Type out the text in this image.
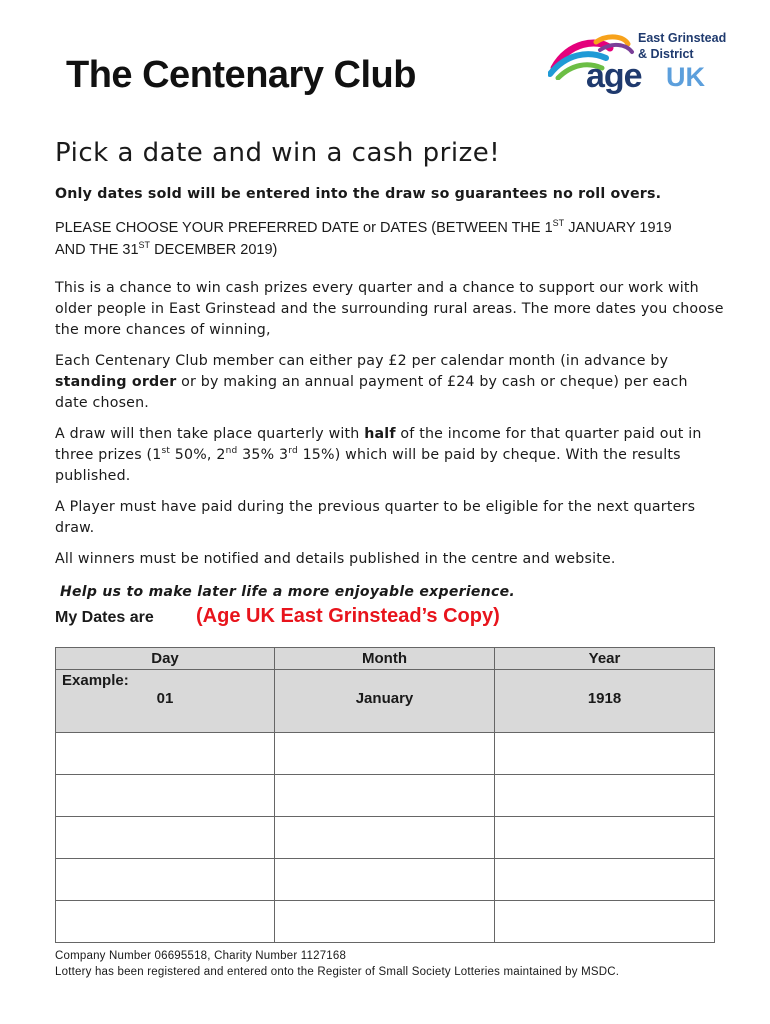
The Centenary Club
East Grinstead
& District
age UK
Pick a date and win a cash prize!

Only dates sold will be entered into the draw so guarantees no roll overs.

PLEASE CHOOSE YOUR PREFERRED DATE or DATES (BETWEEN THE 1ST JANUARY 1919
AND THE 31ST DECEMBER 2019)

This is a chance to win cash prizes every quarter and a chance to support our work with older people in East Grinstead and the surrounding rural areas. The more dates you choose the more chances of winning,

Each Centenary Club member can either pay £2 per calendar month (in advance by standing order or by making an annual payment of £24 by cash or cheque) per each date chosen.

A draw will then take place quarterly with half of the income for that quarter paid out in three prizes (1st 50%, 2nd 35% 3rd 15%) which will be paid by cheque. With the results published.

A Player must have paid during the previous quarter to be eligible for the next quarters draw.

All winners must be notified and details published in the centre and website.

Help us to make later life a more enjoyable experience.
My Dates are (Age UK East Grinstead’s Copy)
Day	Month	Year

Example:
01	January	1918

Company Number 06695518, Charity Number 1127168
Lottery has been registered and entered onto the Register of Small Society Lotteries maintained by MSDC.
